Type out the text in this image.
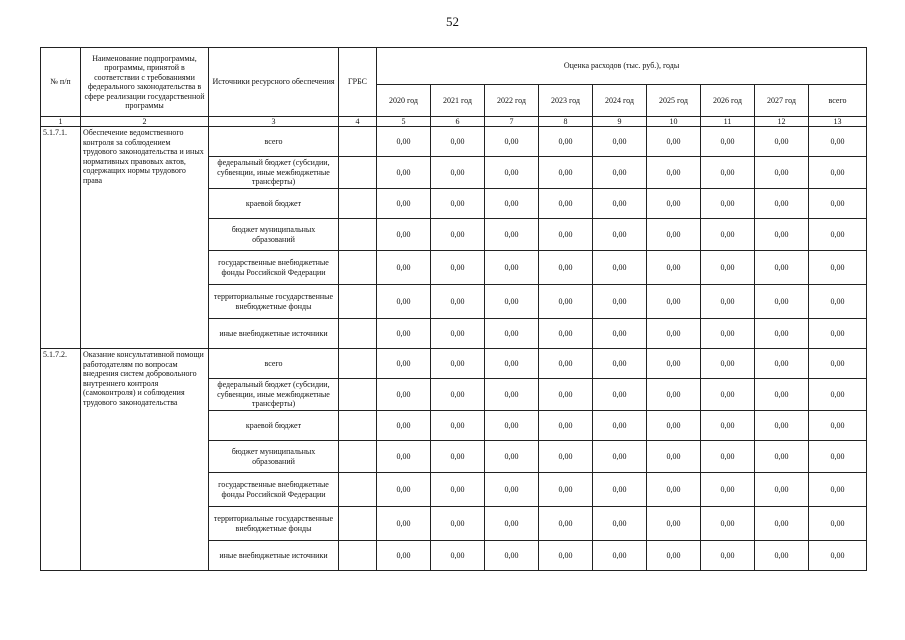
52
№ п/п	Наименование подпрограммы, программы, принятой в соответствии с требованиями федерального законодательства в сфере реализации государственной программы	Источники ресурсного обеспечения	ГРБС	Оценка расходов (тыс. руб.), годы								
				2020 год	2021 год	2022 год	2023 год	2024 год	2025 год	2026 год	2027 год	всего
1	2	3	4	5	6	7	8	9	10	11	12	13
5.1.7.1.	Обеспечение ведомственного контроля за соблюдением трудового законодательства и иных нормативных правовых актов, содержащих нормы трудового права	всего		0,00	0,00	0,00	0,00	0,00	0,00	0,00	0,00	0,00
		федеральный бюджет (субсидии, субвенции, иные межбюджетные трансферты)		0,00	0,00	0,00	0,00	0,00	0,00	0,00	0,00	0,00
		краевой бюджет		0,00	0,00	0,00	0,00	0,00	0,00	0,00	0,00	0,00
		бюджет муниципальных образований		0,00	0,00	0,00	0,00	0,00	0,00	0,00	0,00	0,00
		государственные внебюджетные фонды Российской Федерации		0,00	0,00	0,00	0,00	0,00	0,00	0,00	0,00	0,00
		территориальные государственные внебюджетные фонды		0,00	0,00	0,00	0,00	0,00	0,00	0,00	0,00	0,00
		иные внебюджетные источники		0,00	0,00	0,00	0,00	0,00	0,00	0,00	0,00	0,00
5.1.7.2.	Оказание консультативной помощи работодателям по вопросам внедрения систем добровольного внутреннего контроля (самоконтроля) и соблюдения трудового законодательства	всего		0,00	0,00	0,00	0,00	0,00	0,00	0,00	0,00	0,00
		федеральный бюджет (субсидии, субвенции, иные межбюджетные трансферты)		0,00	0,00	0,00	0,00	0,00	0,00	0,00	0,00	0,00
		краевой бюджет		0,00	0,00	0,00	0,00	0,00	0,00	0,00	0,00	0,00
		бюджет муниципальных образований		0,00	0,00	0,00	0,00	0,00	0,00	0,00	0,00	0,00
		государственные внебюджетные фонды Российской Федерации		0,00	0,00	0,00	0,00	0,00	0,00	0,00	0,00	0,00
		территориальные государственные внебюджетные фонды		0,00	0,00	0,00	0,00	0,00	0,00	0,00	0,00	0,00
		иные внебюджетные источники		0,00	0,00	0,00	0,00	0,00	0,00	0,00	0,00	0,00
